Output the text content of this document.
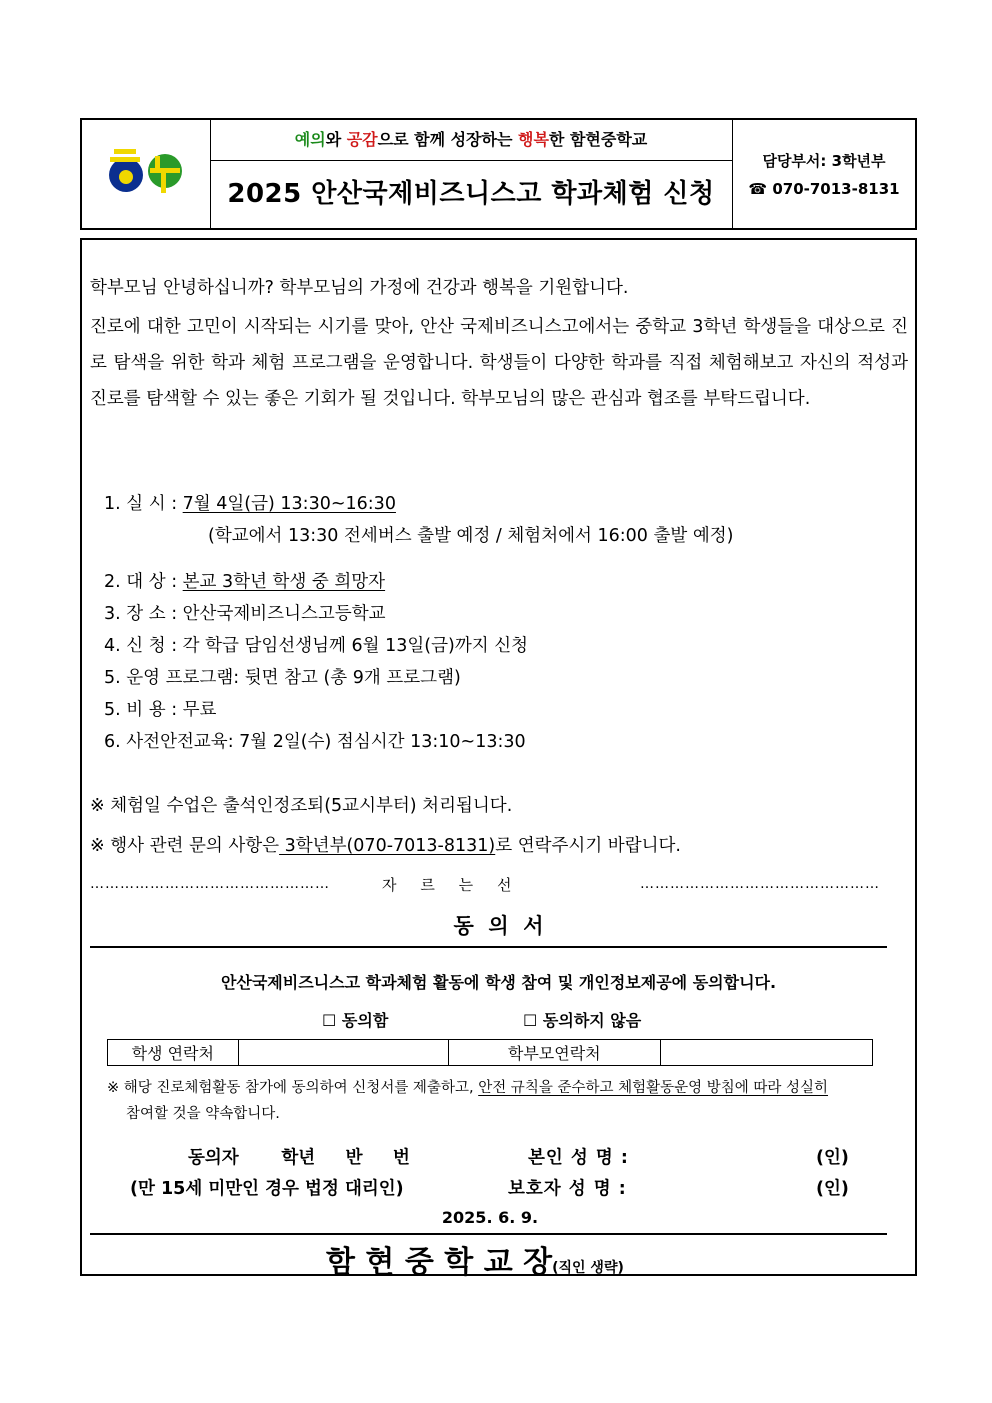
예의와 공감으로 함께 성장하는 행복한 함현중학교
2025 안산국제비즈니스고 학과체험 신청
담당부서: 3학년부
☎ 070-7013-8131
학부모님 안녕하십니까? 학부모님의 가정에 건강과 행복을 기원합니다.
진로에 대한 고민이 시작되는 시기를 맞아, 안산 국제비즈니스고에서는 중학교 3학년 학생들을 대상으로 진로 탐색을 위한 학과 체험 프로그램을 운영합니다. 학생들이 다양한 학과를 직접 체험해보고 자신의 적성과 진로를 탐색할 수 있는 좋은 기회가 될 것입니다. 학부모님의 많은 관심과 협조를 부탁드립니다.
1. 실 시 : 7월 4일(금) 13:30~16:30
(학교에서 13:30 전세버스 출발 예정 / 체험처에서 16:00 출발 예정)
2. 대 상 : 본교 3학년 학생 중 희망자
3. 장 소 : 안산국제비즈니스고등학교
4. 신 청 : 각 학급 담임선생님께 6월 13일(금)까지 신청
5. 운영 프로그램: 뒷면 참고 (총 9개 프로그램)
5. 비 용 : 무료
6. 사전안전교육: 7월 2일(수) 점심시간 13:10~13:30
※ 체험일 수업은 출석인정조퇴(5교시부터) 처리됩니다.
※ 행사 관련 문의 사항은 3학년부(070-7013-8131)로 연락주시기 바랍니다.
…………………………………………	자     르     는     선	…………………………………………
동  의  서
안산국제비즈니스고 학과체험 활동에 학생 참여 및 개인정보제공에 동의합니다.
☐ 동의함	☐ 동의하지 않음
학생 연락처		학부모연락처	
※ 해당 진로체험활동 참가에 동의하여 신청서를 제출하고, 안전 규칙을 준수하고 체험활동운영 방침에 따라 성실히
참여할 것을 약속합니다.
동의자       학년     반     번	본인 성 명 :	(인)
(만 15세 미만인 경우 법정 대리인)	보호자 성 명 :	(인)
2025. 6. 9.
함 현 중 학 교 장(직인 생략)
